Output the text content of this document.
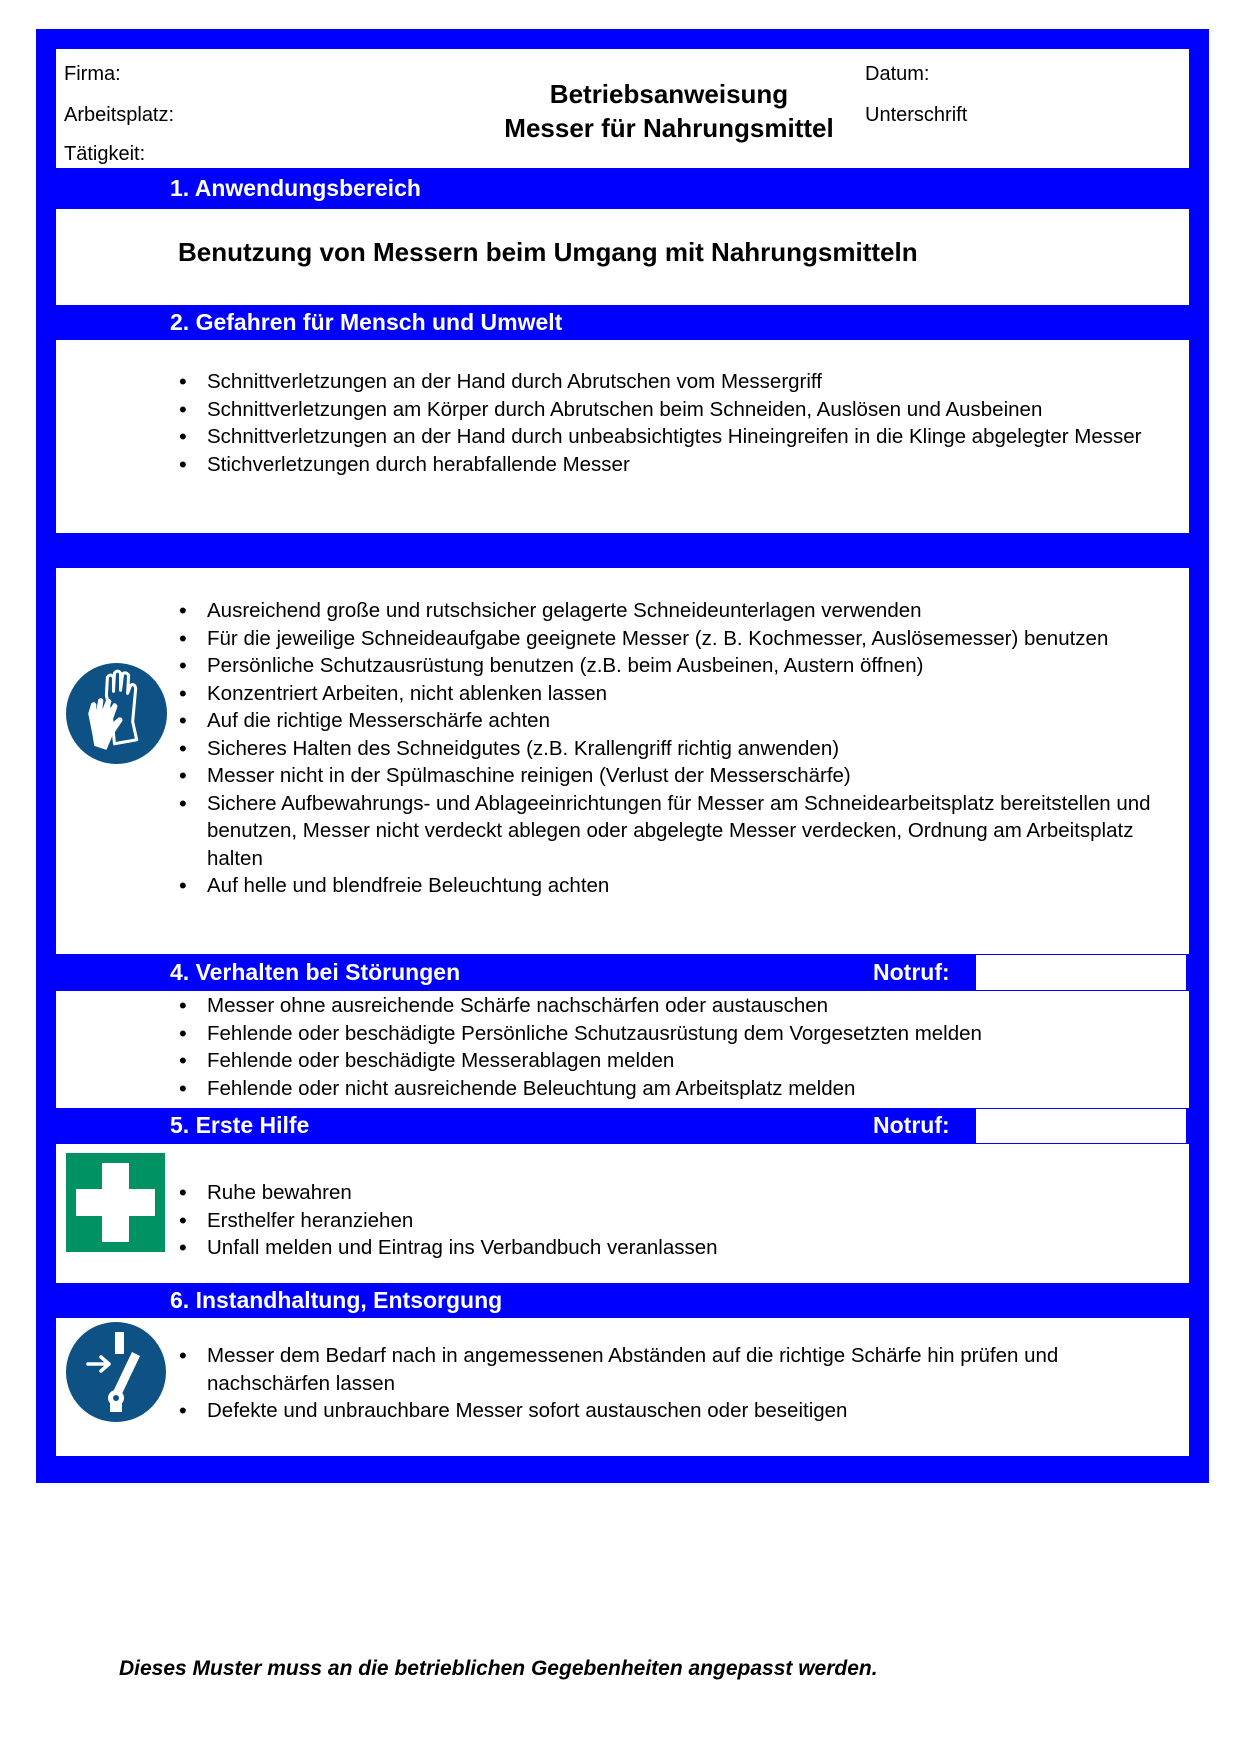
Firma:
Arbeitsplatz:
Tätigkeit:
Betriebsanweisung
Messer für Nahrungsmittel
Datum:
Unterschrift
1. Anwendungsbereich
Benutzung von Messern beim Umgang mit Nahrungsmitteln
2. Gefahren für Mensch und Umwelt
• Schnittverletzungen an der Hand durch Abrutschen vom Messergriff
• Schnittverletzungen am Körper durch Abrutschen beim Schneiden, Auslösen und Ausbeinen
• Schnittverletzungen an der Hand durch unbeabsichtigtes Hineingreifen in die Klinge abgelegter Messer
• Stichverletzungen durch herabfallende Messer
• Ausreichend große und rutschsicher gelagerte Schneideunterlagen verwenden
• Für die jeweilige Schneideaufgabe geeignete Messer (z. B. Kochmesser, Auslösemesser) benutzen
• Persönliche Schutzausrüstung benutzen (z.B. beim Ausbeinen, Austern öffnen)
• Konzentriert Arbeiten, nicht ablenken lassen
• Auf die richtige Messerschärfe achten
• Sicheres Halten des Schneidgutes (z.B. Krallengriff richtig anwenden)
• Messer nicht in der Spülmaschine reinigen (Verlust der Messerschärfe)
• Sichere Aufbewahrungs- und Ablageeinrichtungen für Messer am Schneidearbeitsplatz bereitstellen und benutzen, Messer nicht verdeckt ablegen oder abgelegte Messer verdecken, Ordnung am Arbeitsplatz halten
• Auf helle und blendfreie Beleuchtung achten
4. Verhalten bei Störungen	Notruf:
• Messer ohne ausreichende Schärfe nachschärfen oder austauschen
• Fehlende oder beschädigte Persönliche Schutzausrüstung dem Vorgesetzten melden
• Fehlende oder beschädigte Messerablagen melden
• Fehlende oder nicht ausreichende Beleuchtung am Arbeitsplatz melden
5. Erste Hilfe	Notruf:
• Ruhe bewahren
• Ersthelfer heranziehen
• Unfall melden und Eintrag ins Verbandbuch veranlassen
6. Instandhaltung, Entsorgung
• Messer dem Bedarf nach in angemessenen Abständen auf die richtige Schärfe hin prüfen und nachschärfen lassen
• Defekte und unbrauchbare Messer sofort austauschen oder beseitigen
Dieses Muster muss an die betrieblichen Gegebenheiten angepasst werden.
